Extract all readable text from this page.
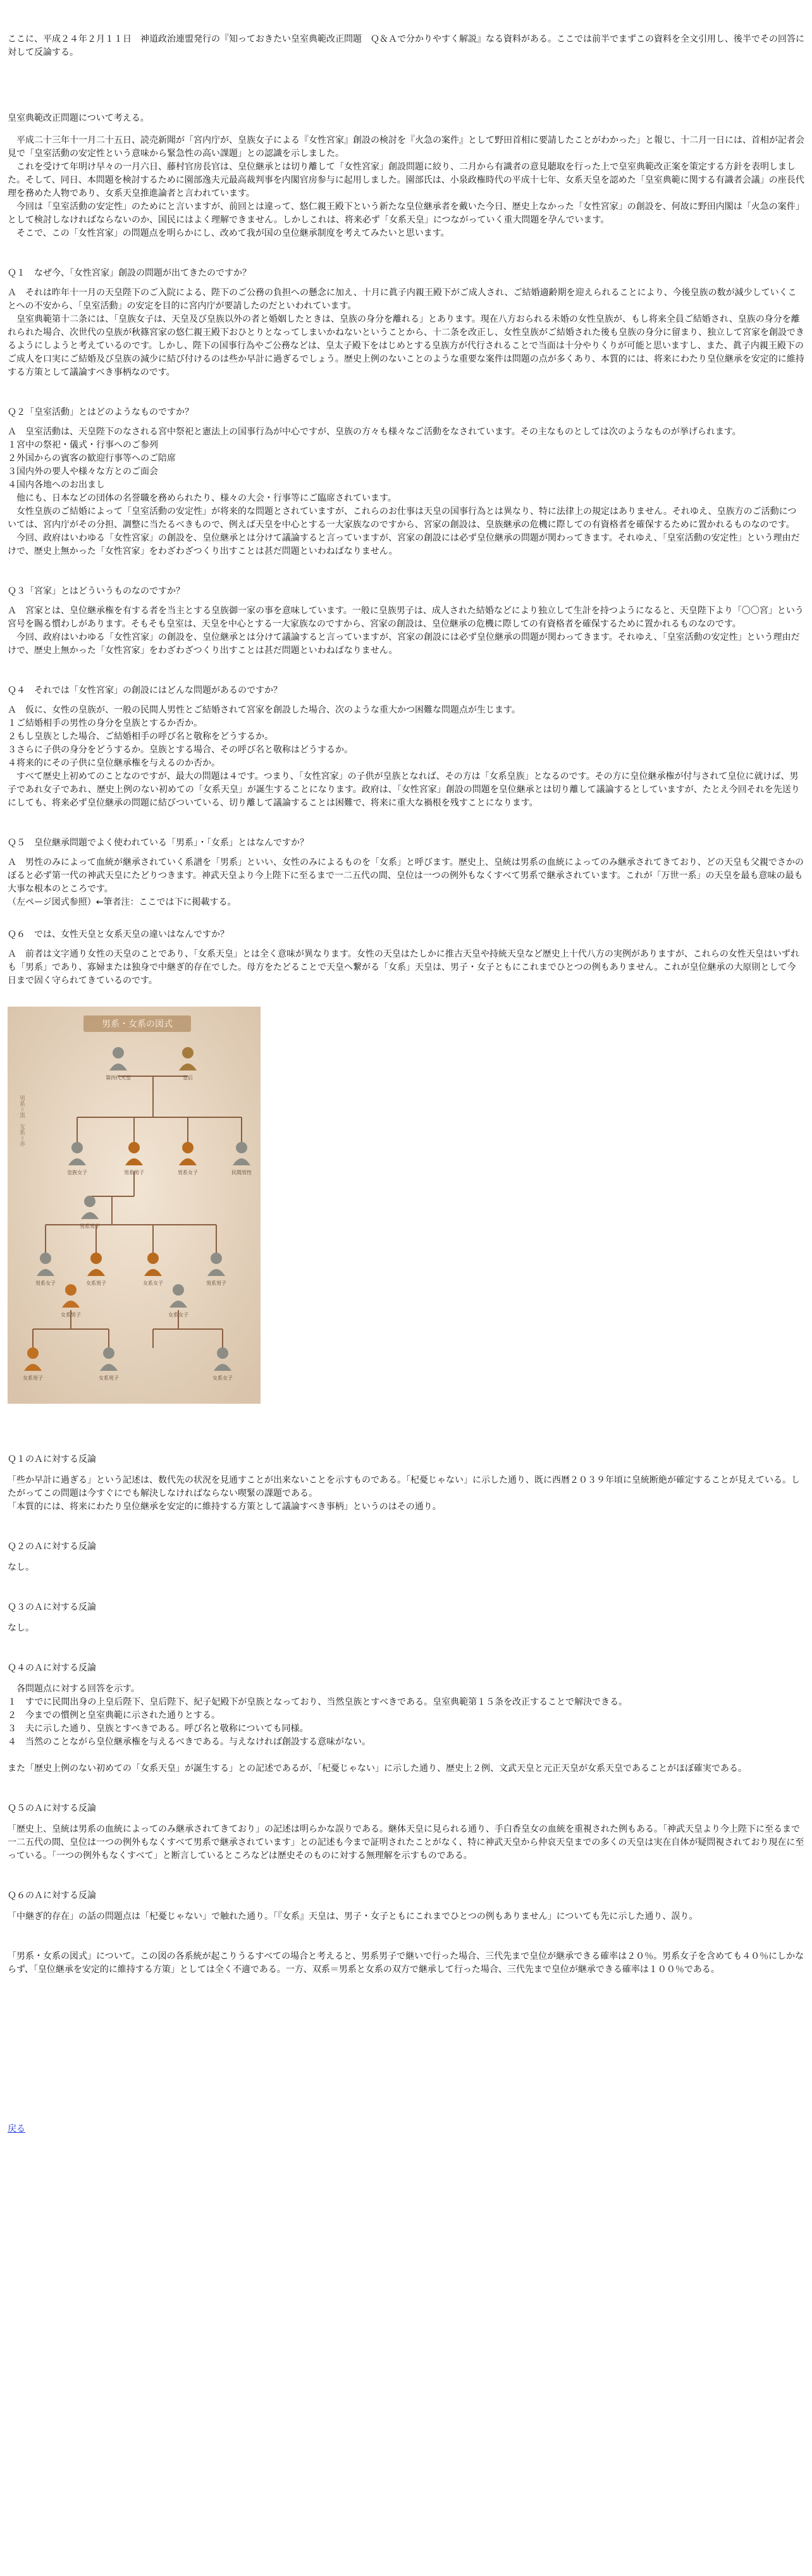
ここに、平成２４年２月１１日　神道政治連盟発行の『知っておきたい皇室典範改正問題　Ｑ＆Ａで分かりやすく解説』なる資料がある。ここでは前半でまずこの資料を全文引用し、後半でその回答に対して反論する。

皇室典範改正問題について考える。

　平成二十三年十一月二十五日、読売新聞が「宮内庁が、皇族女子による『女性宮家』創設の検討を『火急の案件』として野田首相に要請したことがわかった」と報じ、十二月一日には、首相が記者会見で「皇室活動の安定性という意味から緊急性の高い課題」との認識を示しました。

　これを受けて年明け早々の一月六日、藤村官房長官は、皇位継承とは切り離して「女性宮家」創設問題に絞り、二月から有識者の意見聴取を行った上で皇室典範改正案を策定する方針を表明しました。そして、同日、本問題を検討するために園部逸夫元最高裁判事を内閣官房参与に起用しました。園部氏は、小泉政権時代の平成十七年、女系天皇を認めた「皇室典範に関する有識者会議」の座長代理を務めた人物であり、女系天皇推進論者と言われています。

　今回は「皇室活動の安定性」のためにと言いますが、前回とは違って、悠仁親王殿下という新たな皇位継承者を戴いた今日、歴史上なかった「女性宮家」の創設を、何故に野田内閣は「火急の案件」として検討しなければならないのか、国民にはよく理解できません。しかしこれは、将来必ず「女系天皇」につながっていく重大問題を孕んでいます。

　そこで、この「女性宮家」の問題点を明らかにし、改めて我が国の皇位継承制度を考えてみたいと思います。

Ｑ１　なぜ今、「女性宮家」創設の問題が出てきたのですか？

Ａ　それは昨年十一月の天皇陛下のご入院による、陛下のご公務の負担への懸念に加え、十月に眞子内親王殿下がご成人され、ご結婚適齢期を迎えられることにより、今後皇族の数が減少していくことへの不安から、「皇室活動」の安定を目的に宮内庁が要請したのだといわれています。
　皇室典範第十二条には、「皇族女子は、天皇及び皇族以外の者と婚姻したときは、皇族の身分を離れる」とあります。現在八方おられる未婚の女性皇族が、もし将来全員ご結婚され、皇族の身分を離れられた場合、次世代の皇族が秋篠宮家の悠仁親王殿下おひとりとなってしまいかねないということから、十二条を改正し、女性皇族がご結婚された後も皇族の身分に留まり、独立して宮家を創設できるようにしようと考えているのです。しかし、陛下の国事行為やご公務などは、皇太子殿下をはじめとする皇族方が代行されることで当面は十分やりくりが可能と思いますし、また、眞子内親王殿下のご成人を口実にご結婚及び皇族の減少に結び付けるのは些か早計に過ぎるでしょう。歴史上例のないことのような重要な案件は問題の点が多くあり、本質的には、将来にわたり皇位継承を安定的に維持する方策として議論すべき事柄なのです。

Ｑ２「皇室活動」とはどのようなものですか？

Ａ　皇室活動は、天皇陛下のなされる宮中祭祀と憲法上の国事行為が中心ですが、皇族の方々も様々なご活動をなされています。その主なものとしては次のようなものが挙げられます。
１宮中の祭祀・儀式・行事へのご参列
２外国からの賓客の歓迎行事等へのご陪席
３国内外の要人や様々な方とのご面会
４国内各地へのお出まし
　他にも、日本などの団体の名誉職を務められたり、様々の大会・行事等にご臨席されています。
　女性皇族のご結婚によって「皇室活動の安定性」が将来的な問題とされていますが、これらのお仕事は天皇の国事行為とは異なり、特に法律上の規定はありません。それゆえ、皇族方のご活動については、宮内庁がその分担、調整に当たるべきもので、例えば天皇を中心とする一大家族なのですから、宮家の創設は、皇族継承の危機に際しての有資格者を確保するために置かれるものなのです。
　今回、政府はいわゆる「女性宮家」の創設を、皇位継承とは分けて議論すると言っていますが、宮家の創設には必ず皇位継承の問題が関わってきます。それゆえ、「皇室活動の安定性」という理由だけで、歴史上無かった「女性宮家」をわざわざつくり出すことは甚だ問題といわねばなりません。

Ｑ３「宮家」とはどういうものなのですか？

Ａ　宮家とは、皇位継承権を有する者を当主とする皇族御一家の事を意味しています。一般に皇族男子は、成人された結婚などにより独立して生計を持つようになると、天皇陛下より「〇〇宮」という宮号を賜る慣わしがあります。そもそも皇室は、天皇を中心とする一大家族なのですから、宮家の創設は、皇位継承の危機に際しての有資格者を確保するために置かれるものなのです。
　今回、政府はいわゆる「女性宮家」の創設を、皇位継承とは分けて議論すると言っていますが、宮家の創設には必ず皇位継承の問題が関わってきます。それゆえ、「皇室活動の安定性」という理由だけで、歴史上無かった「女性宮家」をわざわざつくり出すことは甚だ問題といわねばなりません。

Ｑ４　それでは「女性宮家」の創設にはどんな問題があるのですか？

Ａ　仮に、女性の皇族が、一般の民間人男性とご結婚されて宮家を創設した場合、次のような重大かつ困難な問題点が生じます。
１ご結婚相手の男性の身分を皇族とするか否か。
２もし皇族とした場合、ご結婚相手の呼び名と敬称をどうするか。
３さらに子供の身分をどうするか。皇族とする場合、その呼び名と敬称はどうするか。
４将来的にその子供に皇位継承権を与えるのか否か。
　すべて歴史上初めてのことなのですが、最大の問題は４です。つまり、「女性宮家」の子供が皇族となれば、その方は「女系皇族」となるのです。その方に皇位継承権が付与されて皇位に就けば、男子であれ女子であれ、歴史上例のない初めての「女系天皇」が誕生することになります。政府は、「女性宮家」創設の問題を皇位継承とは切り離して議論するとしていますが、たとえ今回それを先送りにしても、将来必ず皇位継承の問題に結びついている、切り離して議論することは困難で、将来に重大な禍根を残すことになります。

Ｑ５　皇位継承問題でよく使われている「男系」・「女系」とはなんですか？

Ａ　男性のみによって血統が継承されていく系譜を「男系」といい、女性のみによるものを「女系」と呼びます。歴史上、皇統は男系の血統によってのみ継承されてきており、どの天皇も父親でさかのぼると必ず第一代の神武天皇にたどりつきます。神武天皇より今上陛下に至るまで一二五代の間、皇位は一つの例外もなくすべて男系で継承されています。これが「万世一系」の天皇を最も意味の最も大事な根本のところです。
（左ページ図式参照）←筆者注：ここでは下に掲載する。

Ｑ６　では、女性天皇と女系天皇の違いはなんですか？

Ａ　前者は文字通り女性の天皇のことであり、「女系天皇」とは全く意味が異なります。女性の天皇はたしかに推古天皇や持統天皇など歴史上十代八方の実例がありますが、これらの女性天皇はいずれも「男系」であり、寡婦または独身で中継ぎ的存在でした。母方をたどることで天皇へ繋がる「女系」天皇は、男子・女子ともにこれまでひとつの例もありません。これが皇位継承の大原則として今日まで固く守られてきているのです。

男系・女系の図式
男系＝黒　女系＝赤
第四代天皇	皇后
皇族女子	男系男子	男系女子	民間男性
男系男子
男系女子	女系男子	女系女子	男系男子
女系男子	女系女子
女系男子	女系男子	女系女子

Ｑ１のＡに対する反論

「些か早計に過ぎる」という記述は、数代先の状況を見通すことが出来ないことを示すものである。「杞憂じゃない」に示した通り、既に西暦２０３９年頃に皇統断絶が確定することが見えている。したがってこの問題は今すぐにでも解決しなければならない喫緊の課題である。
「本質的には、将来にわたり皇位継承を安定的に維持する方策として議論すべき事柄」というのはその通り。

Ｑ２のＡに対する反論

なし。

Ｑ３のＡに対する反論

なし。

Ｑ４のＡに対する反論

　各問題点に対する回答を示す。
１　すでに民間出身の上皇后陛下、皇后陛下、紀子妃殿下が皇族となっており、当然皇族とすべきである。皇室典範第１５条を改正することで解決できる。
２　今までの慣例と皇室典範に示された通りとする。
３　夫に示した通り、皇族とすべきである。呼び名と敬称についても同様。
４　当然のことながら皇位継承権を与えるべきである。与えなければ創設する意味がない。

また「歴史上例のない初めての「女系天皇」が誕生する」との記述であるが、「杞憂じゃない」に示した通り、歴史上２例、文武天皇と元正天皇が女系天皇であることがほぼ確実である。

Ｑ５のＡに対する反論

「歴史上、皇統は男系の血統によってのみ継承されてきており」の記述は明らかな誤りである。継体天皇に見られる通り、手白香皇女の血統を重視された例もある。「神武天皇より今上陛下に至るまで一二五代の間、皇位は一つの例外もなくすべて男系で継承されています」との記述も今まで証明されたことがなく、特に神武天皇から仲哀天皇までの多くの天皇は実在自体が疑問視されており現在に至っている。「一つの例外もなくすべて」と断言しているところなどは歴史そのものに対する無理解を示すものである。

Ｑ６のＡに対する反論

「中継ぎ的存在」の話の問題点は「杞憂じゃない」で触れた通り。「『女系』天皇は、男子・女子ともにこれまでひとつの例もありません」についても先に示した通り、誤り。

「男系・女系の図式」について。この図の各系統が起こりうるすべての場合と考えると、男系男子で継いで行った場合、三代先まで皇位が継承できる確率は２０％。男系女子を含めても４０％にしかならず、「皇位継承を安定的に維持する方策」としては全く不適である。一方、双系＝男系と女系の双方で継承して行った場合、三代先まで皇位が継承できる確率は１００％である。

戻る
